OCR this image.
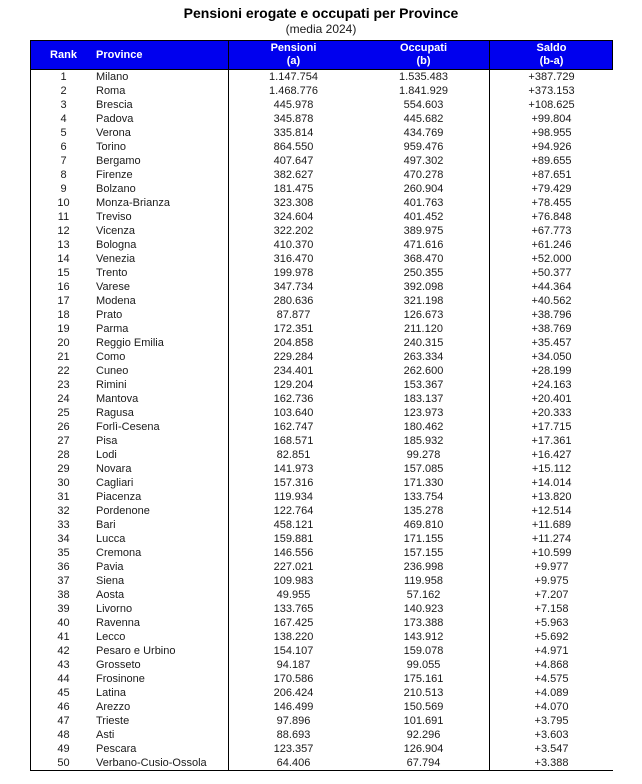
Pensioni erogate e occupati per Province
(media 2024)
Rank Province
Pensioni
(a)
Occupati
(b)
Saldo
(b-a)
1	Milano	1.147.754	1.535.483	+387.729
2	Roma	1.468.776	1.841.929	+373.153
3	Brescia	445.978	554.603	+108.625
4	Padova	345.878	445.682	+99.804
5	Verona	335.814	434.769	+98.955
6	Torino	864.550	959.476	+94.926
7	Bergamo	407.647	497.302	+89.655
8	Firenze	382.627	470.278	+87.651
9	Bolzano	181.475	260.904	+79.429
10	Monza-Brianza	323.308	401.763	+78.455
11	Treviso	324.604	401.452	+76.848
12	Vicenza	322.202	389.975	+67.773
13	Bologna	410.370	471.616	+61.246
14	Venezia	316.470	368.470	+52.000
15	Trento	199.978	250.355	+50.377
16	Varese	347.734	392.098	+44.364
17	Modena	280.636	321.198	+40.562
18	Prato	87.877	126.673	+38.796
19	Parma	172.351	211.120	+38.769
20	Reggio Emilia	204.858	240.315	+35.457
21	Como	229.284	263.334	+34.050
22	Cuneo	234.401	262.600	+28.199
23	Rimini	129.204	153.367	+24.163
24	Mantova	162.736	183.137	+20.401
25	Ragusa	103.640	123.973	+20.333
26	Forlì-Cesena	162.747	180.462	+17.715
27	Pisa	168.571	185.932	+17.361
28	Lodi	82.851	99.278	+16.427
29	Novara	141.973	157.085	+15.112
30	Cagliari	157.316	171.330	+14.014
31	Piacenza	119.934	133.754	+13.820
32	Pordenone	122.764	135.278	+12.514
33	Bari	458.121	469.810	+11.689
34	Lucca	159.881	171.155	+11.274
35	Cremona	146.556	157.155	+10.599
36	Pavia	227.021	236.998	+9.977
37	Siena	109.983	119.958	+9.975
38	Aosta	49.955	57.162	+7.207
39	Livorno	133.765	140.923	+7.158
40	Ravenna	167.425	173.388	+5.963
41	Lecco	138.220	143.912	+5.692
42	Pesaro e Urbino	154.107	159.078	+4.971
43	Grosseto	94.187	99.055	+4.868
44	Frosinone	170.586	175.161	+4.575
45	Latina	206.424	210.513	+4.089
46	Arezzo	146.499	150.569	+4.070
47	Trieste	97.896	101.691	+3.795
48	Asti	88.693	92.296	+3.603
49	Pescara	123.357	126.904	+3.547
50	Verbano-Cusio-Ossola	64.406	67.794	+3.388
